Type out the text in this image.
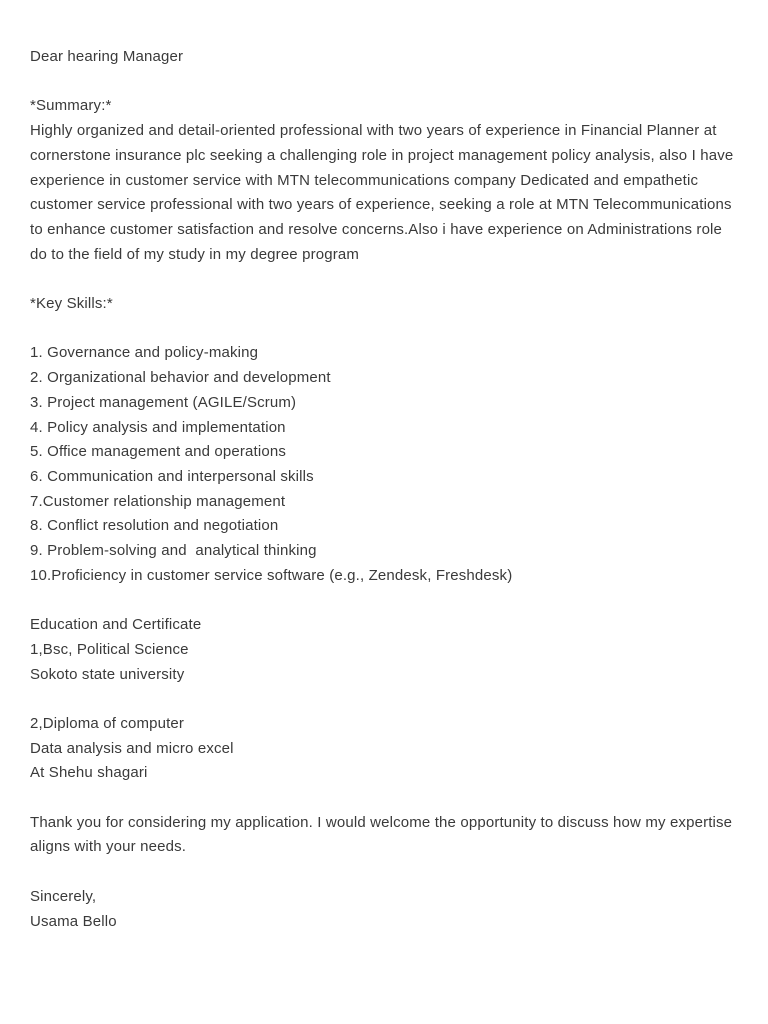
Dear hearing Manager
*Summary:*
Highly organized and detail-oriented professional with two years of experience in Financial Planner at cornerstone insurance plc seeking a challenging role in project management policy analysis, also I have experience in customer service with MTN telecommunications company Dedicated and empathetic customer service professional with two years of experience, seeking a role at MTN Telecommunications to enhance customer satisfaction and resolve concerns.Also i have experience on Administrations role do to the field of my study in my degree program
*Key Skills:*
1. Governance and policy-making
2. Organizational behavior and development
3. Project management (AGILE/Scrum)
4. Policy analysis and implementation
5. Office management and operations
6. Communication and interpersonal skills
7.Customer relationship management
8. Conflict resolution and negotiation
9. Problem-solving and  analytical thinking
10.Proficiency in customer service software (e.g., Zendesk, Freshdesk)
Education and Certificate
1,Bsc, Political Science
Sokoto state university
2,Diploma of computer
Data analysis and micro excel
At Shehu shagari
Thank you for considering my application. I would welcome the opportunity to discuss how my expertise aligns with your needs.
Sincerely,
Usama Bello
